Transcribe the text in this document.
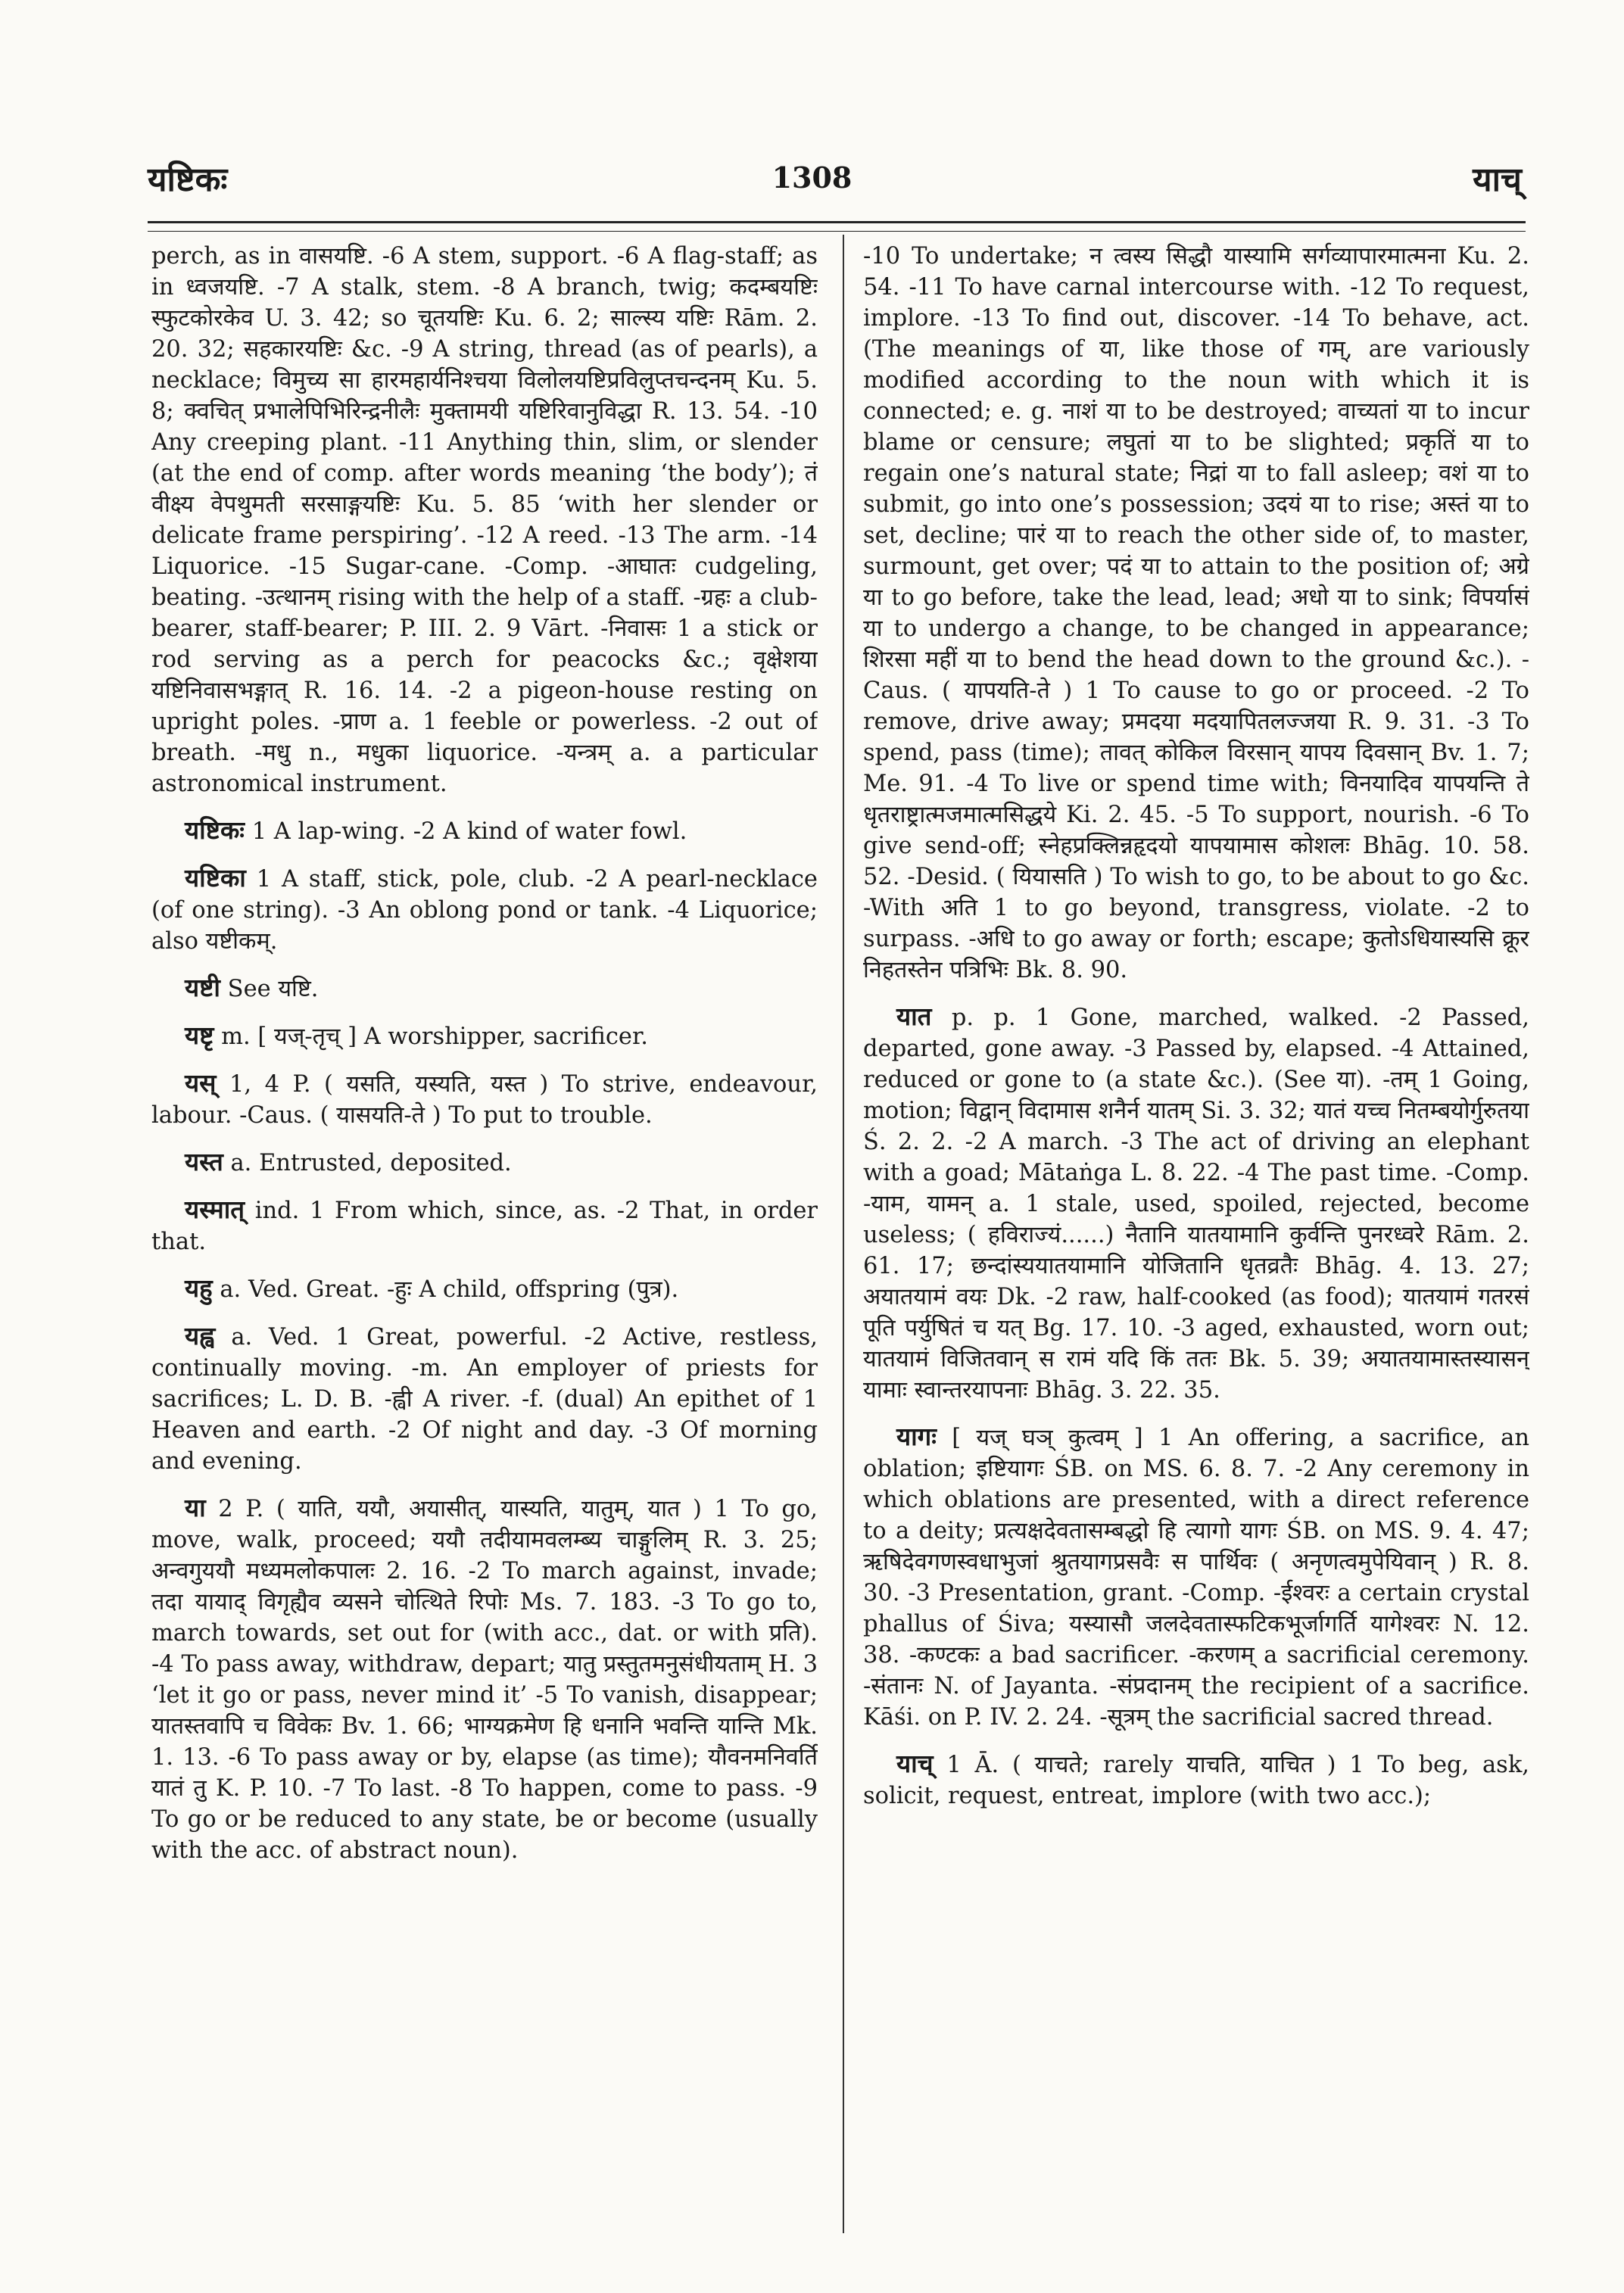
यष्टिकः	1308	याच्

perch, as in वासयष्टि. -6 A stem, support. -6 A flag-staff; as in ध्वजयष्टि. -7 A stalk, stem. -8 A branch, twig; कदम्बयष्टिः स्फुटकोरकेव U. 3. 42; so चूतयष्टिः Ku. 6. 2; साल्स्य यष्टिः Rām. 2. 20. 32; सहकारयष्टिः &c. -9 A string, thread (as of pearls), a necklace; विमुच्य सा हारमहार्यनिश्चया विलोलयष्टिप्रविलुप्तचन्दनम् Ku. 5. 8; क्वचित् प्रभालेपिभिरिन्द्रनीलैः मुक्तामयी यष्टिरिवानुविद्धा R. 13. 54. -10 Any creeping plant. -11 Anything thin, slim, or slender (at the end of comp. after words meaning ‘the body’); तं वीक्ष्य वेपथुमती सरसाङ्गयष्टिः Ku. 5. 85 ‘with her slender or delicate frame perspiring’. -12 A reed. -13 The arm. -14 Liquorice. -15 Sugar-cane. -Comp. -आघातः cudgeling, beating. -उत्थानम् rising with the help of a staff. -ग्रहः a club-bearer, staff-bearer; P. III. 2. 9 Vārt. -निवासः 1 a stick or rod serving as a perch for peacocks &c.; वृक्षेशया यष्टिनिवासभङ्गात् R. 16. 14. -2 a pigeon-house resting on upright poles. -प्राण a. 1 feeble or powerless. -2 out of breath. -मधु n., मधुका liquorice. -यन्त्रम् a. a particular astronomical instrument.

यष्टिकः 1 A lap-wing. -2 A kind of water fowl.

यष्टिका 1 A staff, stick, pole, club. -2 A pearl-necklace (of one string). -3 An oblong pond or tank. -4 Liquorice; also यष्टीकम्.

यष्टी See यष्टि.

यष्टृ m. [ यज्-तृच् ] A worshipper, sacrificer.

यस् 1, 4 P. ( यसति, यस्यति, यस्त ) To strive, endeavour, labour. -Caus. ( यासयति-ते ) To put to trouble.

यस्त a. Entrusted, deposited.

यस्मात् ind. 1 From which, since, as. -2 That, in order that.

यहु a. Ved. Great. -हुः A child, offspring (पुत्र).

यह्व a. Ved. 1 Great, powerful. -2 Active, restless, continually moving. -m. An employer of priests for sacrifices; L. D. B. -ह्वी A river. -f. (dual) An epithet of 1 Heaven and earth. -2 Of night and day. -3 Of morning and evening.

या 2 P. ( याति, ययौ, अयासीत्, यास्यति, यातुम्, यात ) 1 To go, move, walk, proceed; ययौ तदीयामवलम्ब्य चाङ्गुलिम् R. 3. 25; अन्वगुययौ मध्यमलोकपालः 2. 16. -2 To march against, invade; तदा यायाद् विगृह्यैव व्यसने चोत्थिते रिपोः Ms. 7. 183. -3 To go to, march towards, set out for (with acc., dat. or with प्रति). -4 To pass away, withdraw, depart; यातु प्रस्तुतमनुसंधीयताम् H. 3 ‘let it go or pass, never mind it’ -5 To vanish, disappear; यातस्तवापि च विवेकः Bv. 1. 66; भाग्यक्रमेण हि धनानि भवन्ति यान्ति Mk. 1. 13. -6 To pass away or by, elapse (as time); यौवनमनिवर्ति यातं तु K. P. 10. -7 To last. -8 To happen, come to pass. -9 To go or be reduced to any state, be or become (usually with the acc. of abstract noun).

-10 To undertake; न त्वस्य सिद्धौ यास्यामि सर्गव्यापारमात्मना Ku. 2. 54. -11 To have carnal intercourse with. -12 To request, implore. -13 To find out, discover. -14 To behave, act. (The meanings of या, like those of गम्, are variously modified according to the noun with which it is connected; e. g. नाशं या to be destroyed; वाच्यतां या to incur blame or censure; लघुतां या to be slighted; प्रकृतिं या to regain one’s natural state; निद्रां या to fall asleep; वशं या to submit, go into one’s possession; उदयं या to rise; अस्तं या to set, decline; पारं या to reach the other side of, to master, surmount, get over; पदं या to attain to the position of; अग्रे या to go before, take the lead, lead; अधो या to sink; विपर्यासं या to undergo a change, to be changed in appearance; शिरसा महीं या to bend the head down to the ground &c.). -Caus. ( यापयति-ते ) 1 To cause to go or proceed. -2 To remove, drive away; प्रमदया मदयापितलज्जया R. 9. 31. -3 To spend, pass (time); तावत् कोकिल विरसान् यापय दिवसान् Bv. 1. 7; Me. 91. -4 To live or spend time with; विनयादिव यापयन्ति ते धृतराष्ट्रात्मजमात्मसिद्धये Ki. 2. 45. -5 To support, nourish. -6 To give send-off; स्नेहप्रक्लिन्नहृदयो यापयामास कोशलः Bhāg. 10. 58. 52. -Desid. ( यियासति ) To wish to go, to be about to go &c. -With अति 1 to go beyond, transgress, violate. -2 to surpass. -अधि to go away or forth; escape; कुतोऽधियास्यसि क्रूर निहतस्तेन पत्रिभिः Bk. 8. 90.

यात p. p. 1 Gone, marched, walked. -2 Passed, departed, gone away. -3 Passed by, elapsed. -4 Attained, reduced or gone to (a state &c.). (See या). -तम् 1 Going, motion; विद्वान् विदामास शनैर्न यातम् Si. 3. 32; यातं यच्च नितम्बयोर्गुरुतया Ś. 2. 2. -2 A march. -3 The act of driving an elephant with a goad; Mātaṅga L. 8. 22. -4 The past time. -Comp. -याम, यामन् a. 1 stale, used, spoiled, rejected, become useless; ( हविराज्यं......) नैतानि यातयामानि कुर्वन्ति पुनरध्वरे Rām. 2. 61. 17; छन्दांस्ययातयामानि योजितानि धृतव्रतैः Bhāg. 4. 13. 27; अयातयामं वयः Dk. -2 raw, half-cooked (as food); यातयामं गतरसं पूति पर्युषितं च यत् Bg. 17. 10. -3 aged, exhausted, worn out; यातयामं विजितवान् स रामं यदि किं ततः Bk. 5. 39; अयातयामास्तस्यासन् यामाः स्वान्तरयापनाः Bhāg. 3. 22. 35.

यागः [ यज् घञ् कुत्वम् ] 1 An offering, a sacrifice, an oblation; इष्टियागः ŚB. on MS. 6. 8. 7. -2 Any ceremony in which oblations are presented, with a direct reference to a deity; प्रत्यक्षदेवतासम्बद्धो हि त्यागो यागः ŚB. on MS. 9. 4. 47; ऋषिदेवगणस्वधाभुजां श्रुतयागप्रसवैः स पार्थिवः ( अनृणत्वमुपेयिवान् ) R. 8. 30. -3 Presentation, grant. -Comp. -ईश्वरः a certain crystal phallus of Śiva; यस्यासौ जलदेवतास्फटिकभूर्जागर्ति यागेश्वरः N. 12. 38. -कण्टकः a bad sacrificer. -करणम् a sacrificial ceremony. -संतानः N. of Jayanta. -संप्रदानम् the recipient of a sacrifice. Kāśi. on P. IV. 2. 24. -सूत्रम् the sacrificial sacred thread.

याच् 1 Ā. ( याचते; rarely याचति, याचित ) 1 To beg, ask, solicit, request, entreat, implore (with two acc.);
